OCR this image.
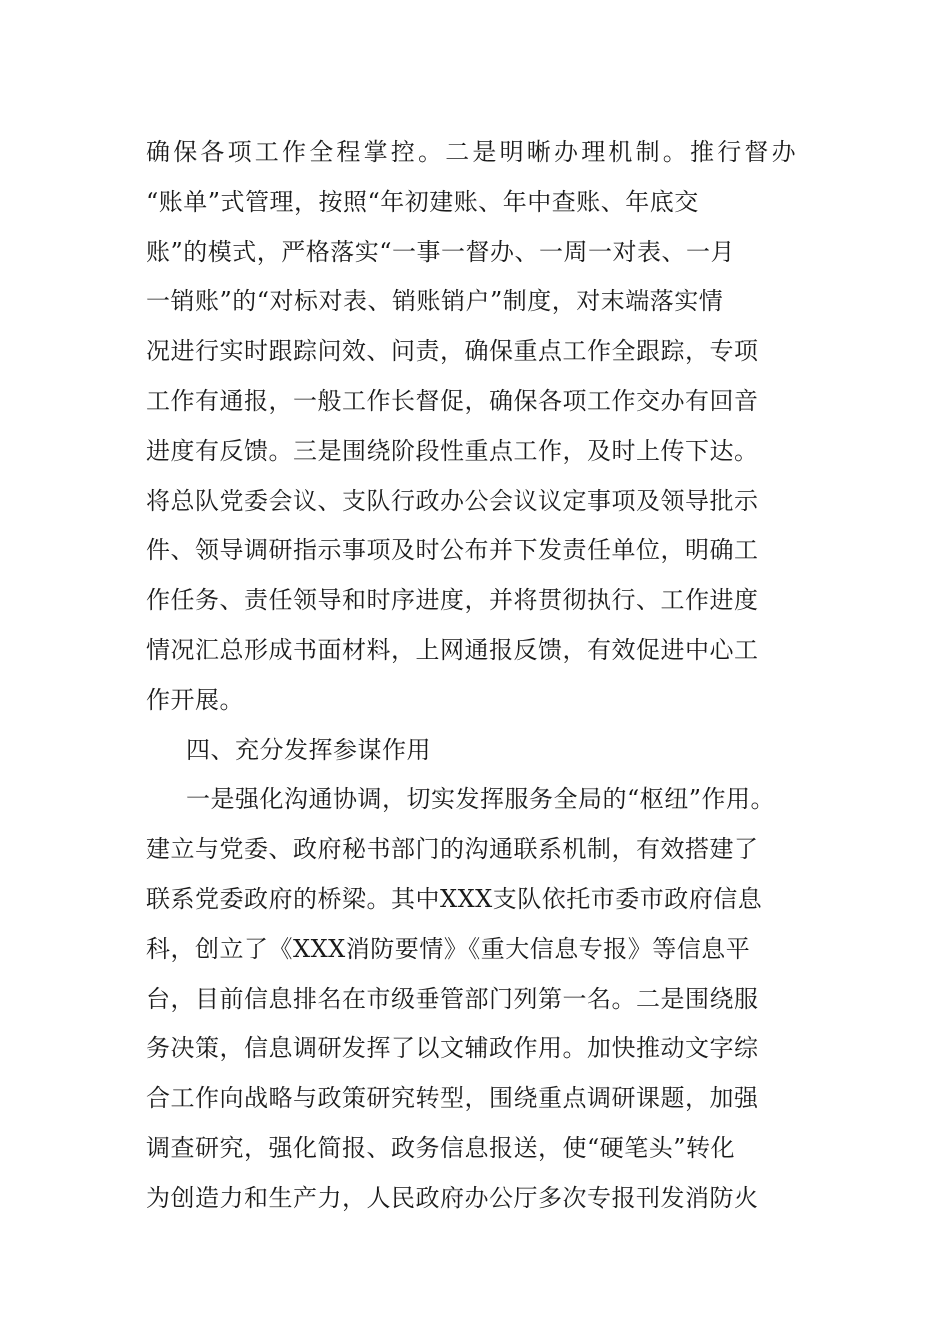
确保各项工作全程掌控。二是明晰办理机制。推行督办
“账单”式管理，按照“年初建账、年中查账、年底交
账”的模式，严格落实“一事一督办、一周一对表、一月
一销账”的“对标对表、销账销户”制度，对末端落实情
况进行实时跟踪问效、问责，确保重点工作全跟踪，专项
工作有通报，一般工作长督促，确保各项工作交办有回音
进度有反馈。三是围绕阶段性重点工作，及时上传下达。
将总队党委会议、支队行政办公会议议定事项及领导批示
件、领导调研指示事项及时公布并下发责任单位，明确工
作任务、责任领导和时序进度，并将贯彻执行、工作进度
情况汇总形成书面材料，上网通报反馈，有效促进中心工
作开展。
四、充分发挥参谋作用
一是强化沟通协调，切实发挥服务全局的“枢纽”作用。
建立与党委、政府秘书部门的沟通联系机制，有效搭建了
联系党委政府的桥梁。其中XXX支队依托市委市政府信息
科，创立了《XXX消防要情》《重大信息专报》等信息平
台，目前信息排名在市级垂管部门列第一名。二是围绕服
务决策，信息调研发挥了以文辅政作用。加快推动文字综
合工作向战略与政策研究转型，围绕重点调研课题，加强
调查研究，强化简报、政务信息报送，使“硬笔头”转化
为创造力和生产力，人民政府办公厅多次专报刊发消防火
